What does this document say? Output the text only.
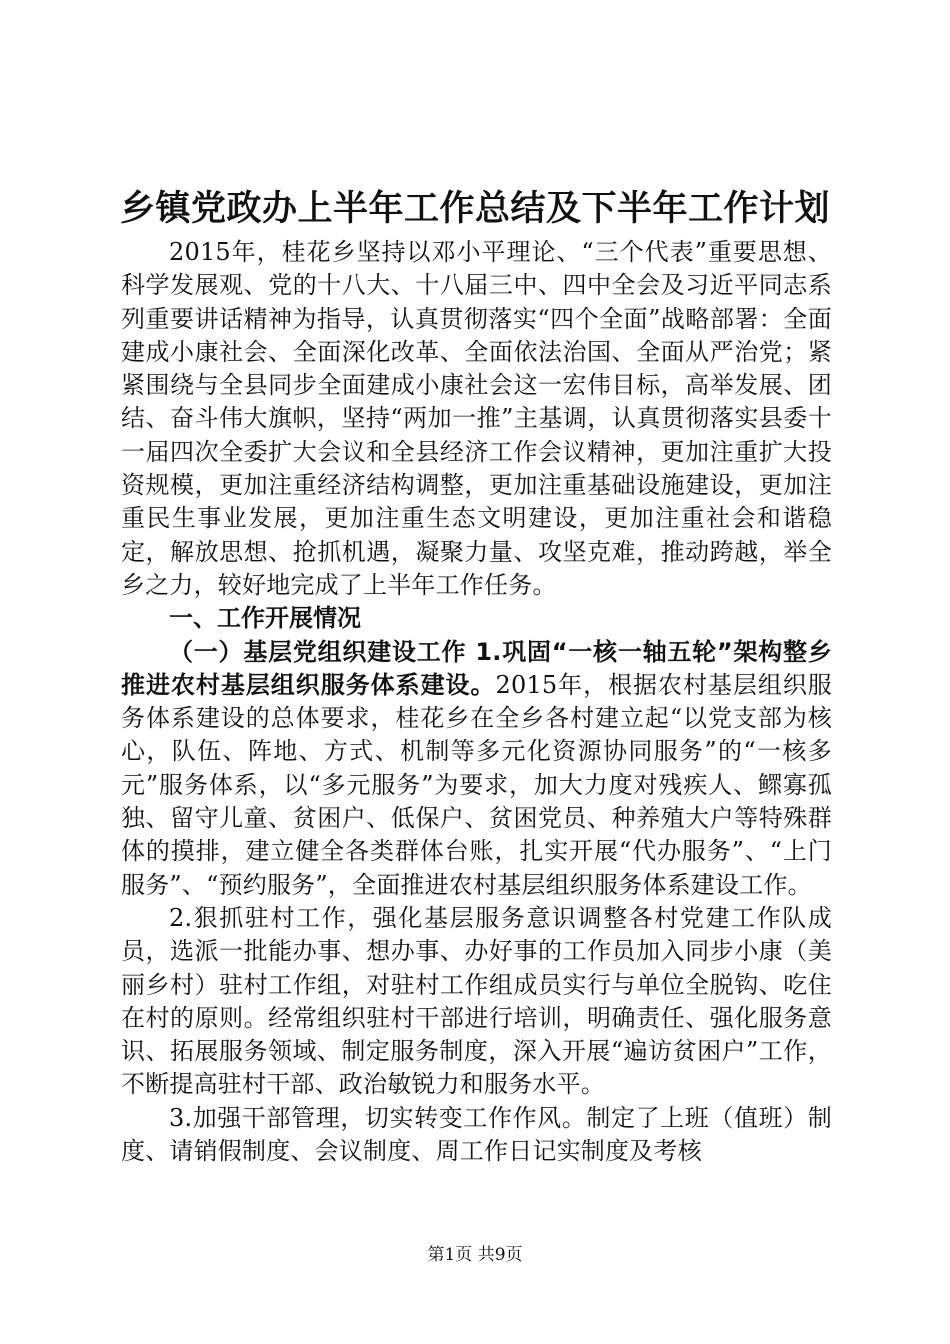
乡镇党政办上半年工作总结及下半年工作计划

2015年，桂花乡坚持以邓小平理论、“三个代表”重要思想、科学发展观、党的十八大、十八届三中、四中全会及习近平同志系列重要讲话精神为指导，认真贯彻落实“四个全面”战略部署：全面建成小康社会、全面深化改革、全面依法治国、全面从严治党；紧紧围绕与全县同步全面建成小康社会这一宏伟目标，高举发展、团结、奋斗伟大旗帜，坚持“两加一推”主基调，认真贯彻落实县委十一届四次全委扩大会议和全县经济工作会议精神，更加注重扩大投资规模，更加注重经济结构调整，更加注重基础设施建设，更加注重民生事业发展，更加注重生态文明建设，更加注重社会和谐稳定，解放思想、抢抓机遇，凝聚力量、攻坚克难，推动跨越，举全乡之力，较好地完成了上半年工作任务。

一、工作开展情况

（一）基层党组织建设工作 1.巩固“一核一轴五轮”架构整乡推进农村基层组织服务体系建设。2015年，根据农村基层组织服务体系建设的总体要求，桂花乡在全乡各村建立起“以党支部为核心，队伍、阵地、方式、机制等多元化资源协同服务”的“一核多元”服务体系，以“多元服务”为要求，加大力度对残疾人、鳏寡孤独、留守儿童、贫困户、低保户、贫困党员、种养殖大户等特殊群体的摸排，建立健全各类群体台账，扎实开展“代办服务”、“上门服务”、“预约服务”，全面推进农村基层组织服务体系建设工作。

2.狠抓驻村工作，强化基层服务意识调整各村党建工作队成员，选派一批能办事、想办事、办好事的工作员加入同步小康（美丽乡村）驻村工作组，对驻村工作组成员实行与单位全脱钩、吃住在村的原则。经常组织驻村干部进行培训，明确责任、强化服务意识、拓展服务领域、制定服务制度，深入开展“遍访贫困户”工作，不断提高驻村干部、政治敏锐力和服务水平。

3.加强干部管理，切实转变工作作风。制定了上班（值班）制度、请销假制度、会议制度、周工作日记实制度及考核

第1页 共9页
